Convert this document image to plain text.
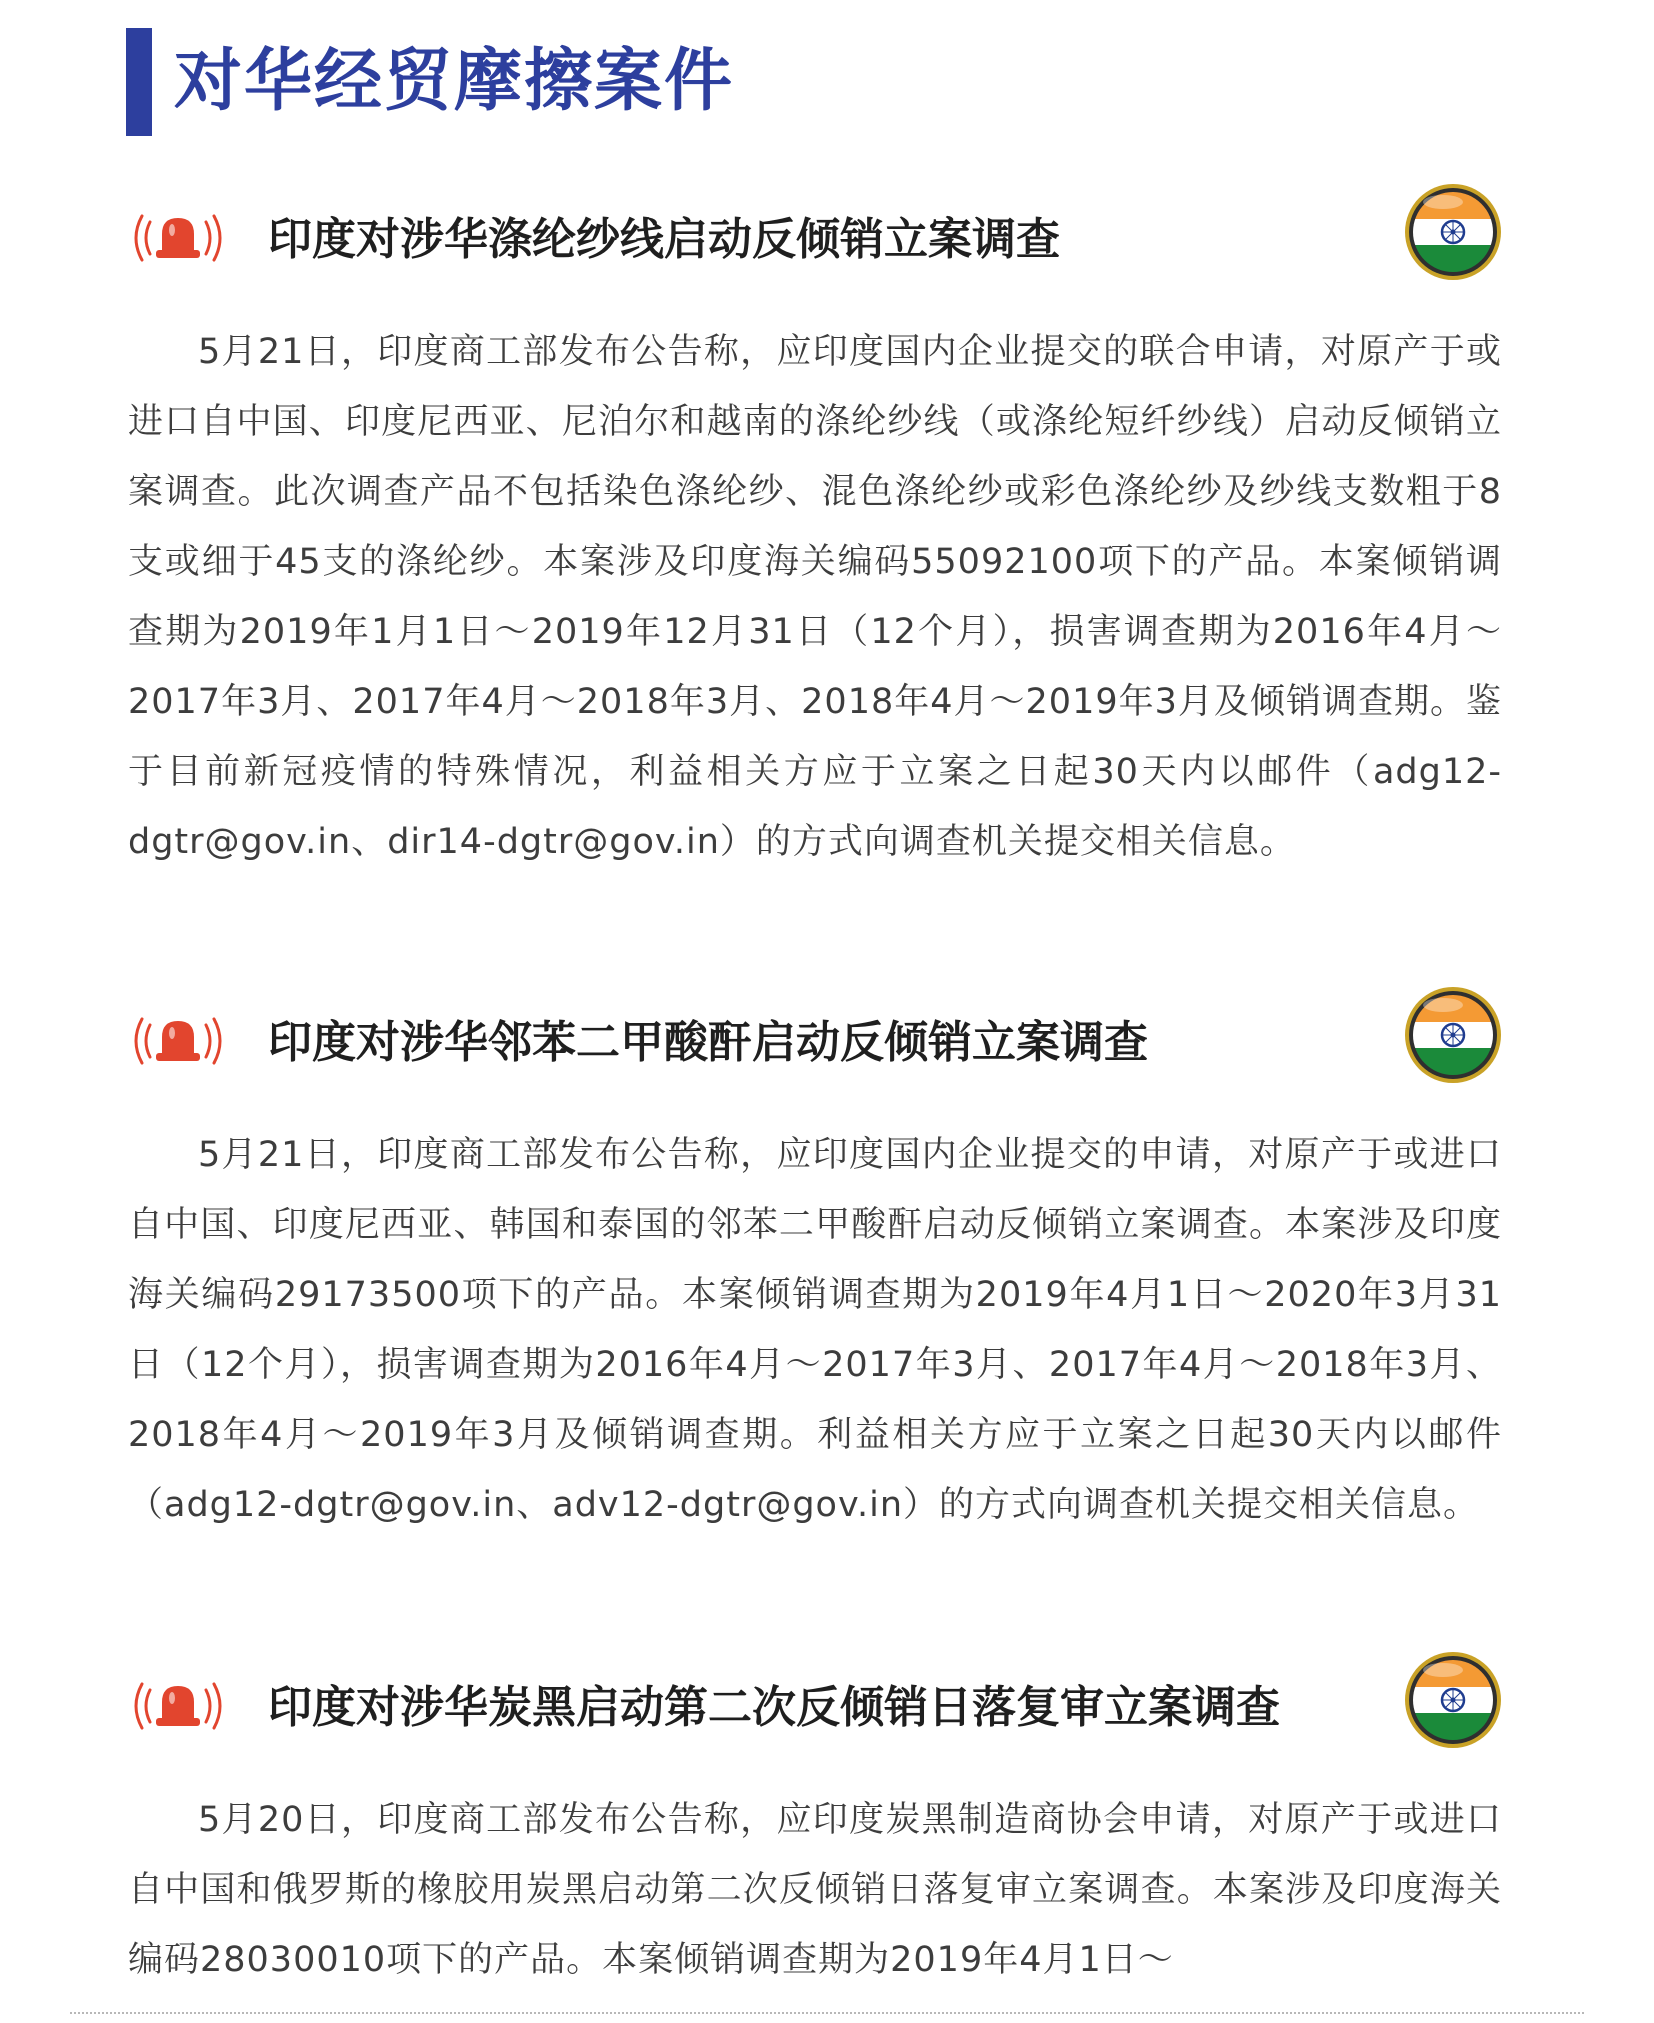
对华经贸摩擦案件
印度对涉华涤纶纱线启动反倾销立案调查

5月21日，印度商工部发布公告称，应印度国内企业提交的联合申请，对原产于或进口自中国、印度尼西亚、尼泊尔和越南的涤纶纱线（或涤纶短纤纱线）启动反倾销立案调查。此次调查产品不包括染色涤纶纱、混色涤纶纱或彩色涤纶纱及纱线支数粗于8支或细于45支的涤纶纱。本案涉及印度海关编码55092100项下的产品。本案倾销调查期为2019年1月1日～2019年12月31日（12个月），损害调查期为2016年4月～2017年3月、2017年4月～2018年3月、2018年4月～2019年3月及倾销调查期。鉴于目前新冠疫情的特殊情况，利益相关方应于立案之日起30天内以邮件（adg12-dgtr@gov.in、dir14-dgtr@gov.in）的方式向调查机关提交相关信息。

印度对涉华邻苯二甲酸酐启动反倾销立案调查

5月21日，印度商工部发布公告称，应印度国内企业提交的申请，对原产于或进口自中国、印度尼西亚、韩国和泰国的邻苯二甲酸酐启动反倾销立案调查。本案涉及印度海关编码29173500项下的产品。本案倾销调查期为2019年4月1日～2020年3月31日（12个月），损害调查期为2016年4月～2017年3月、2017年4月～2018年3月、2018年4月～2019年3月及倾销调查期。利益相关方应于立案之日起30天内以邮件（adg12-dgtr@gov.in、adv12-dgtr@gov.in）的方式向调查机关提交相关信息。

印度对涉华炭黑启动第二次反倾销日落复审立案调查

5月20日，印度商工部发布公告称，应印度炭黑制造商协会申请，对原产于或进口自中国和俄罗斯的橡胶用炭黑启动第二次反倾销日落复审立案调查。本案涉及印度海关编码28030010项下的产品。本案倾销调查期为2019年4月1日～
